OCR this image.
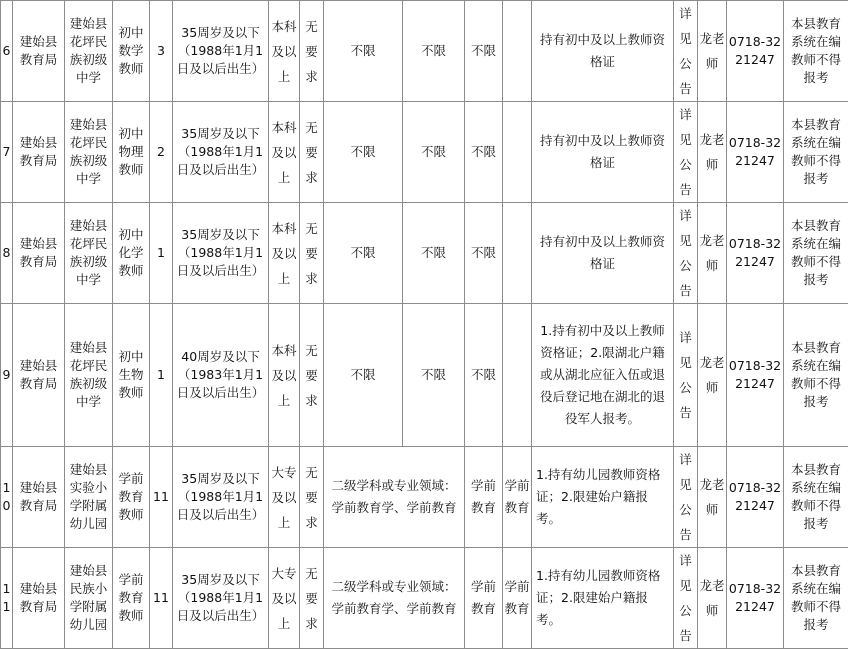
6	建始县教育局	建始县花坪民族初级中学	初中数学教师	3	35周岁及以下（1988年1月1日及以后出生）	本科及以上	无要求	不限	不限	不限		持有初中及以上教师资格证	详见公告	龙老师	0718-3221247	本县教育系统在编教师不得报考
7	建始县教育局	建始县花坪民族初级中学	初中物理教师	2	35周岁及以下（1988年1月1日及以后出生）	本科及以上	无要求	不限	不限	不限		持有初中及以上教师资格证	详见公告	龙老师	0718-3221247	本县教育系统在编教师不得报考
8	建始县教育局	建始县花坪民族初级中学	初中化学教师	1	35周岁及以下（1988年1月1日及以后出生）	本科及以上	无要求	不限	不限	不限		持有初中及以上教师资格证	详见公告	龙老师	0718-3221247	本县教育系统在编教师不得报考
9	建始县教育局	建始县花坪民族初级中学	初中生物教师	1	40周岁及以下（1983年1月1日及以后出生）	本科及以上	无要求	不限	不限	不限		1.持有初中及以上教师资格证；2.限湖北户籍或从湖北应征入伍或退役后登记地在湖北的退役军人报考。	详见公告	龙老师	0718-3221247	本县教育系统在编教师不得报考
10	建始县教育局	建始县实验小学附属幼儿园	学前教育教师	11	35周岁及以下（1988年1月1日及以后出生）	大专及以上	无要求	二级学科或专业领域：学前教育学、学前教育		学前教育	学前教育	1.持有幼儿园教师资格证；2.限建始户籍报考。	详见公告	龙老师	0718-3221247	本县教育系统在编教师不得报考
11	建始县教育局	建始县民族小学附属幼儿园	学前教育教师	11	35周岁及以下（1988年1月1日及以后出生）	大专及以上	无要求	二级学科或专业领域：学前教育学、学前教育		学前教育	学前教育	1.持有幼儿园教师资格证；2.限建始户籍报考。	详见公告	龙老师	0718-3221247	本县教育系统在编教师不得报考
